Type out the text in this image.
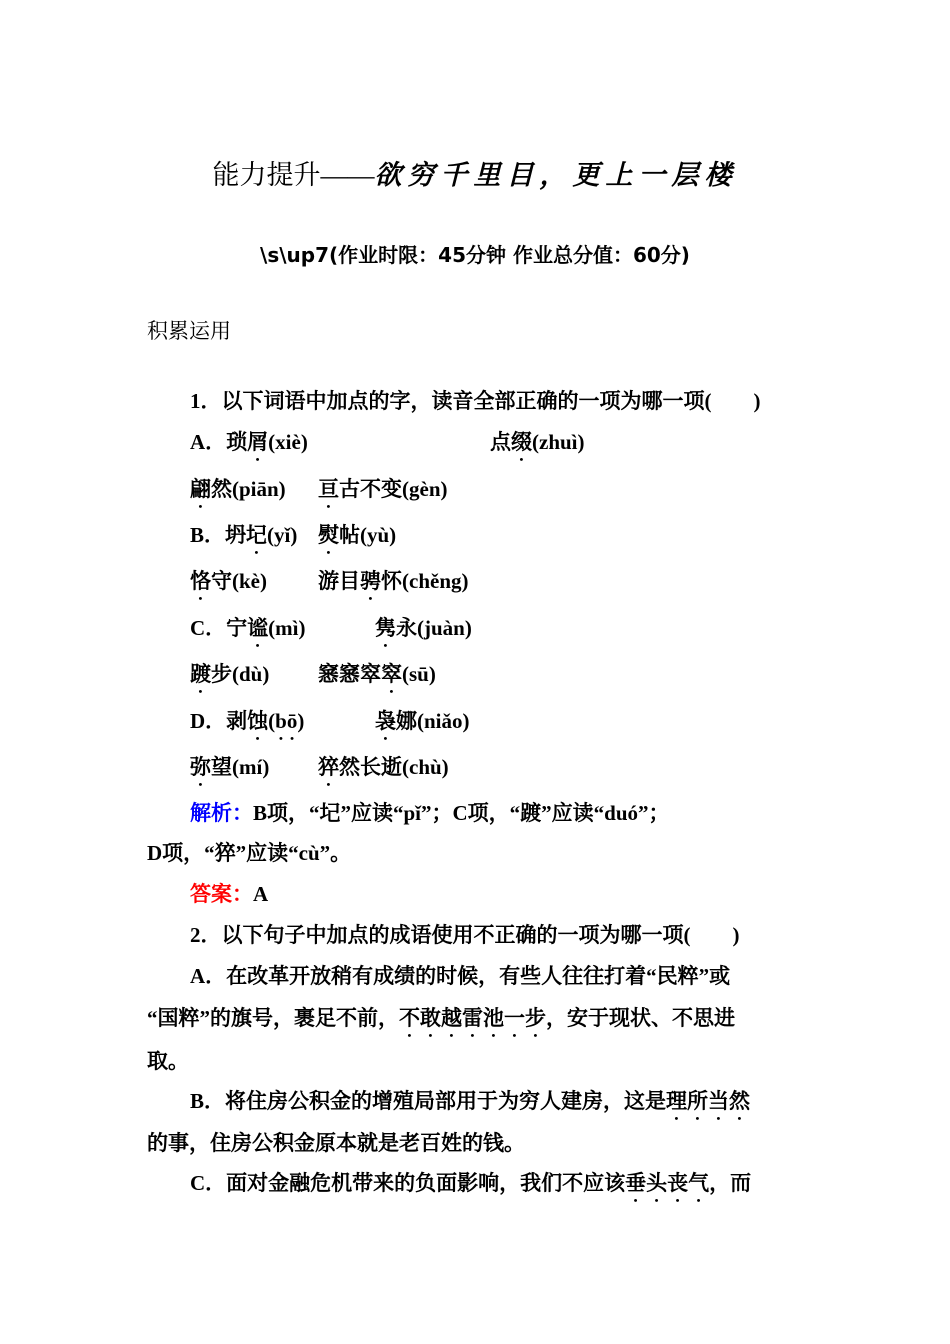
能力提升——欲穷千里目，更上一层楼
\s\up7(作业时限：45分钟 作业总分值：60分)
积累运用
1．以下词语中加点的字，读音全部正确的一项为哪一项(　　)
A．琐屑(xiè)	点缀(zhuì)
翩然(piān) 亘古不变(gèn)
B．坍圮(yǐ) 熨帖(yù)
恪守(kè) 游目骋怀(chěng)
C．宁谧(mì)	隽永(juàn)
踱步(dù) 窸窸窣窣(sū)
D．剥蚀(bō)	袅娜(niǎo)
弥望(mí) 猝然长逝(chù)
解析：B项，“圮”应读“pǐ”；C项，“踱”应读“duó”；
D项，“猝”应读“cù”。
答案：A
2．以下句子中加点的成语使用不正确的一项为哪一项(　　)
A．在改革开放稍有成绩的时候，有些人往往打着“民粹”或
“国粹”的旗号，裹足不前，不敢越雷池一步，安于现状、不思进
取。
B．将住房公积金的增殖局部用于为穷人建房，这是理所当然
的事，住房公积金原本就是老百姓的钱。
C．面对金融危机带来的负面影响，我们不应该垂头丧气，而
